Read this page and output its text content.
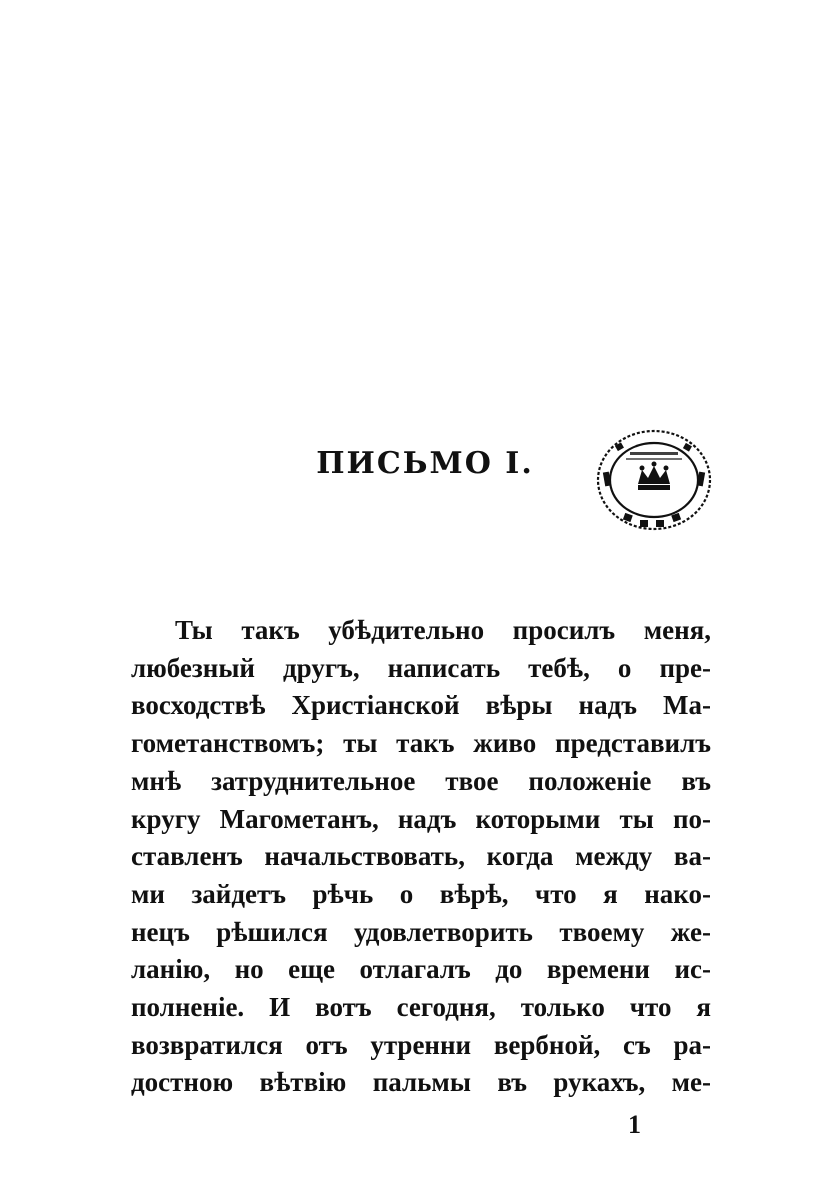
ПИСЬМО I.
Ты такъ убѣдительно просилъ меня,
любезный другъ, написать тебѣ, о пре-
восходствѣ Христіанской вѣры надъ Ма-
гометанствомъ; ты такъ живо представилъ
мнѣ затруднительное твое положеніе въ
кругу Магометанъ, надъ которыми ты по-
ставленъ начальствовать, когда между ва-
ми зайдетъ рѣчь о вѣрѣ, что я нако-
нецъ рѣшился удовлетворить твоему же-
ланію, но еще отлагалъ до времени ис-
полненіе. И вотъ сегодня, только что я
возвратился отъ утренни вербной, съ ра-
достною вѣтвію пальмы въ рукахъ, ме-
1
